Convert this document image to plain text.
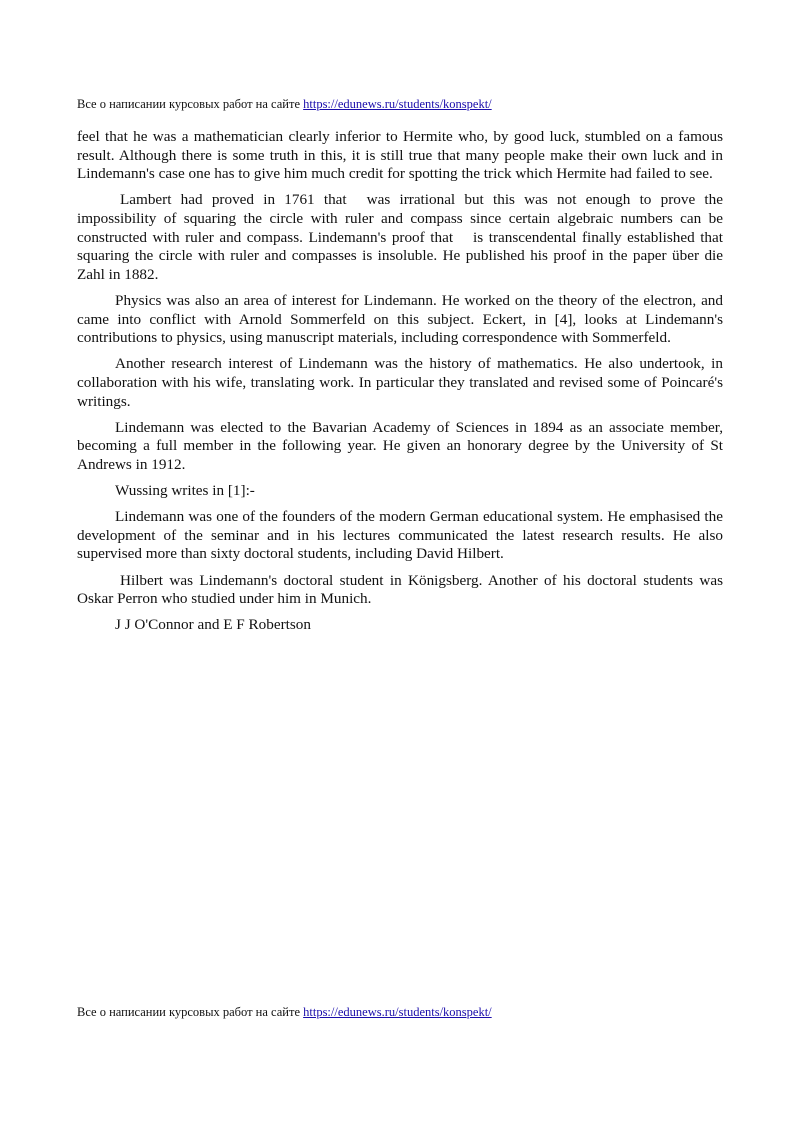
Все о написании курсовых работ на сайте https://edunews.ru/students/konspekt/

feel that he was a mathematician clearly inferior to Hermite who, by good luck, stumbled on a famous result. Although there is some truth in this, it is still true that many people make their own luck and in Lindemann's case one has to give him much credit for spotting the trick which Hermite had failed to see.

Lambert had proved in 1761 that was irrational but this was not enough to prove the impossibility of squaring the circle with ruler and compass since certain algebraic numbers can be constructed with ruler and compass. Lindemann's proof that is transcendental finally established that squaring the circle with ruler and compasses is insoluble. He published his proof in the paper über die Zahl in 1882.

Physics was also an area of interest for Lindemann. He worked on the theory of the electron, and came into conflict with Arnold Sommerfeld on this subject. Eckert, in [4], looks at Lindemann's contributions to physics, using manuscript materials, including correspondence with Sommerfeld.

Another research interest of Lindemann was the history of mathematics. He also undertook, in collaboration with his wife, translating work. In particular they translated and revised some of Poincaré's writings.

Lindemann was elected to the Bavarian Academy of Sciences in 1894 as an associate member, becoming a full member in the following year. He given an honorary degree by the University of St Andrews in 1912.

Wussing writes in [1]:-

Lindemann was one of the founders of the modern German educational system. He emphasised the development of the seminar and in his lectures communicated the latest research results. He also supervised more than sixty doctoral students, including David Hilbert.

Hilbert was Lindemann's doctoral student in Königsberg. Another of his doctoral students was Oskar Perron who studied under him in Munich.

J J O'Connor and E F Robertson

Все о написании курсовых работ на сайте https://edunews.ru/students/konspekt/
